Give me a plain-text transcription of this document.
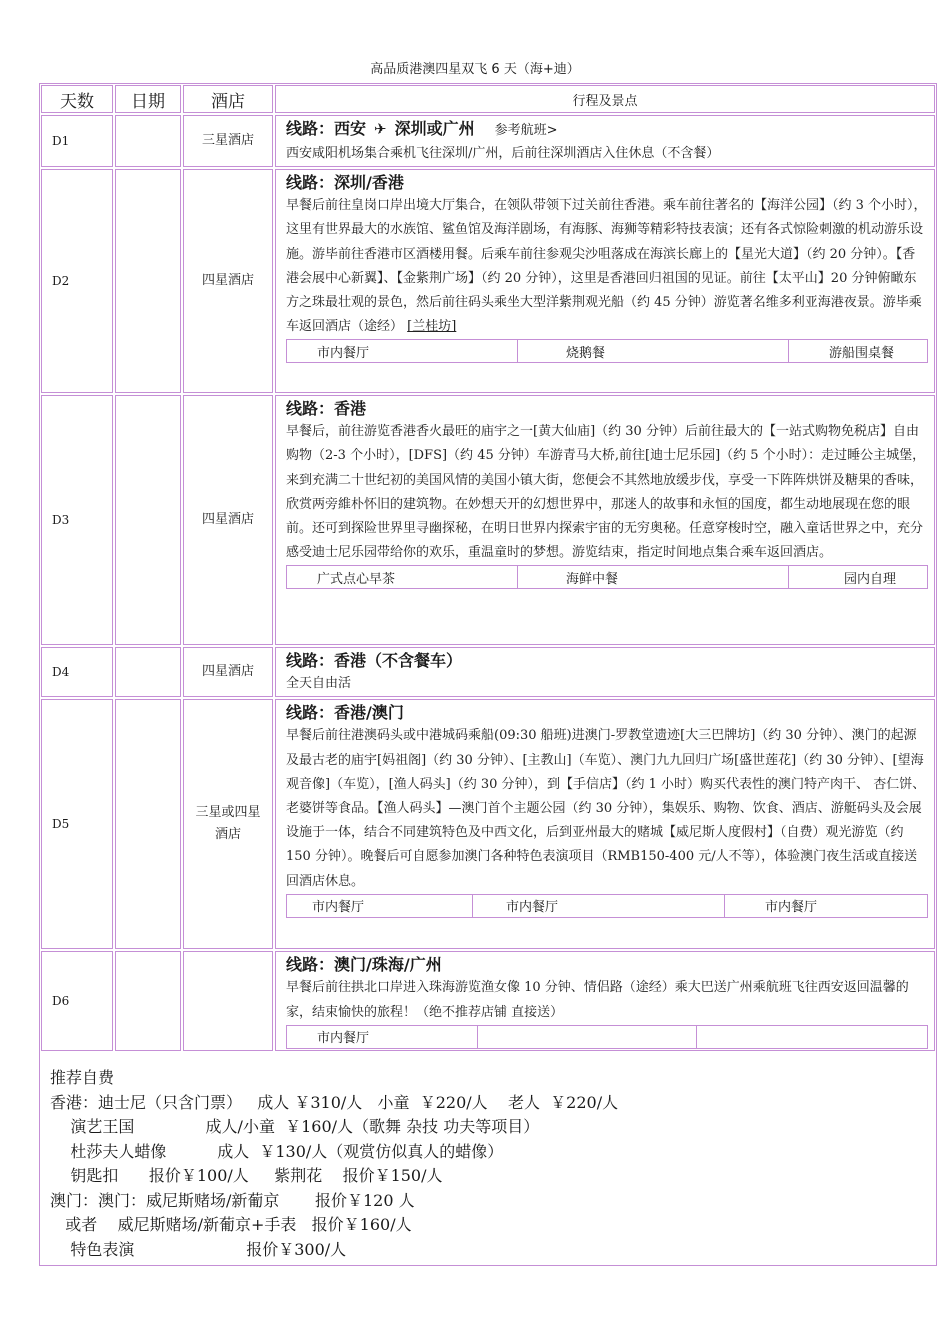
高品质港澳四星双飞 6 天（海+迪）
天数	日期	酒店	行程及景点
D1		三星酒店	
线路：西安 ✈ 深圳或广州 参考航班>
西安咸阳机场集合乘机飞往深圳/广州，后前往深圳酒店入住休息（不含餐）

D2		四星酒店	
线路：深圳/香港
早餐后前往皇岗口岸出境大厅集合，在领队带领下过关前往香港。乘车前往著名的【海洋公园】（约 3 个小时），这里有世界最大的水族馆、鲨鱼馆及海洋剧场，有海豚、海狮等精彩特技表演；还有各式惊险刺激的机动游乐设施。游毕前往香港市区酒楼用餐。后乘车前往参观尖沙咀落成在海滨长廊上的【星光大道】（约 20 分钟）。【香港会展中心新翼】、【金紫荆广场】（约 20 分钟），这里是香港回归祖国的见证。前往【太平山】20 分钟俯瞰东方之珠最壮观的景色，然后前往码头乘坐大型洋紫荆观光船（约 45 分钟）游览著名维多利亚海港夜景。游毕乘车返回酒店（途经） [兰桂坊]
市内餐厅	烧鹅餐	游船围桌餐

D3		四星酒店	
线路：香港
早餐后，前往游览香港香火最旺的庙宇之一[黄大仙庙]（约 30 分钟）后前往最大的【一站式购物免税店】自由购物（2-3 个小时），[DFS]（约 45 分钟）车游青马大桥,前往[迪士尼乐园]（约 5 个小时）：走过睡公主城堡，来到充满二十世纪初的美国风情的美国小镇大街，您便会不其然地放缓步伐，享受一下阵阵烘饼及糖果的香味，欣赏两旁維朴怀旧的建筑物。在妙想天开的幻想世界中，那迷人的故事和永恒的国度，都生动地展现在您的眼前。还可到探险世界里寻幽探秘，在明日世界内探索宇宙的无穷奥秘。任意穿梭时空，融入童话世界之中，充分感受迪士尼乐园带给你的欢乐，重温童时的梦想。游览结束，指定时间地点集合乘车返回酒店。
广式点心早茶	海鲜中餐	园内自理

D4		四星酒店	
线路：香港（不含餐车）
全天自由活

D5		三星或四星酒店	
线路：香港/澳门
早餐后前往港澳码头或中港城码乘船(09:30 船班)进澳门-罗教堂遗迹[大三巴牌坊]（约 30 分钟）、澳门的起源及最古老的庙宇[妈祖阁]（约 30 分钟）、[主教山]（车览）、澳门九九回归广场[盛世莲花]（约 30 分钟）、[望海观音像]（车览），[渔人码头]（约 30 分钟），到【手信店】（约 1 小时）购买代表性的澳门特产肉干、 杏仁饼、老婆饼等食品。【渔人码头】—澳门首个主题公园（约 30 分钟），集娱乐、购物、饮食、酒店、游艇码头及会展设施于一体，结合不同建筑特色及中西文化，后到亚州最大的赌城【威尼斯人度假村】（自费）观光游览（约 150 分钟）。晚餐后可自愿参加澳门各种特色表演项目（RMB150-400 元/人不等），体验澳门夜生活或直接送回酒店休息。
市内餐厅	市内餐厅	市内餐厅

D6			
线路：澳门/珠海/广州
早餐后前往拱北口岸进入珠海游览渔女像 10 分钟、情侣路（途经）乘大巴送广州乘航班飞往西安返回温馨的家，结束愉快的旅程！（绝不推荐店铺 直接送）
市内餐厅		
推荐自费
香港：迪士尼（只含门票）   成人 ￥310/人   小童  ￥220/人    老人  ￥220/人
演艺王国              成人/小童  ￥160/人（歌舞 杂技 功夫等项目）
杜莎夫人蜡像          成人  ￥130/人（观赏仿似真人的蜡像）
钥匙扣      报价￥100/人     紫荆花    报价￥150/人
澳门：澳门：威尼斯赌场/新葡京       报价￥120 人
或者    威尼斯赌场/新葡京+手表   报价￥160/人
特色表演                      报价￥300/人
